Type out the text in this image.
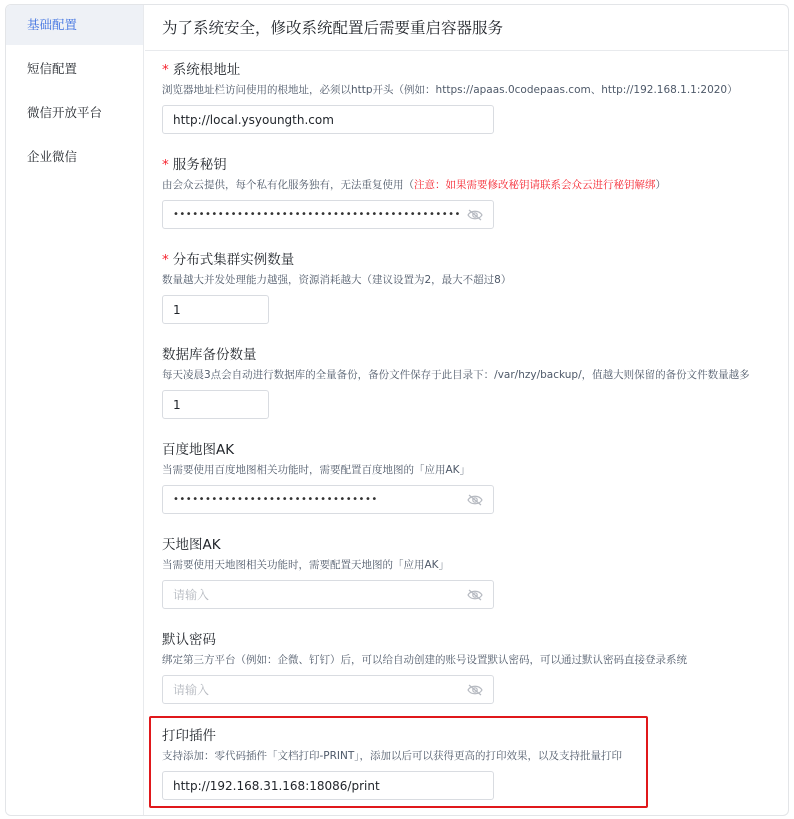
基础配置
短信配置
微信开放平台
企业微信
为了系统安全，修改系统配置后需要重启容器服务
* 系统根地址
浏览器地址栏访问使用的根地址，必须以http开头（例如：https://apaas.0codepaas.com、http://192.168.1.1:2020）
http://local.ysyoungth.com
* 服务秘钥
由会众云提供，每个私有化服务独有，无法重复使用（注意：如果需要修改秘钥请联系会众云进行秘钥解绑）
•••••••••••••••••••••••••••••••••••••••••••••
* 分布式集群实例数量
数量越大并发处理能力越强，资源消耗越大（建议设置为2，最大不超过8）
1
数据库备份数量
每天凌晨3点会自动进行数据库的全量备份，备份文件保存于此目录下：/var/hzy/backup/，值越大则保留的备份文件数量越多
1
百度地图AK
当需要使用百度地图相关功能时，需要配置百度地图的「应用AK」
••••••••••••••••••••••••••••••••
天地图AK
当需要使用天地图相关功能时，需要配置天地图的「应用AK」
请输入
默认密码
绑定第三方平台（例如：企微、钉钉）后，可以给自动创建的账号设置默认密码，可以通过默认密码直接登录系统
请输入
打印插件
支持添加：零代码插件「文档打印-PRINT」，添加以后可以获得更高的打印效果，以及支持批量打印
http://192.168.31.168:18086/print
